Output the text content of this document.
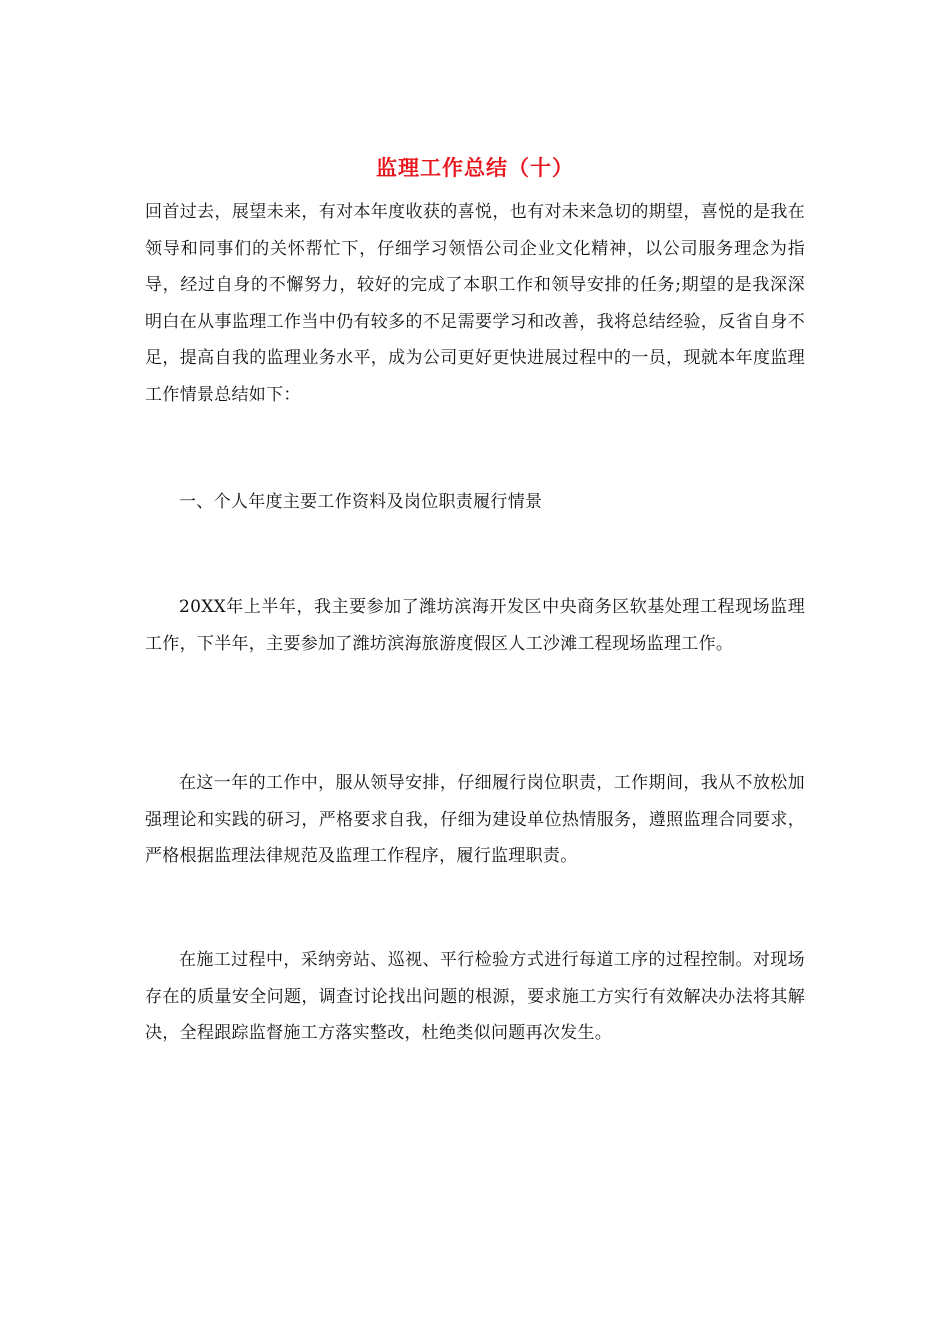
监理工作总结（十）

回首过去，展望未来，有对本年度收获的喜悦，也有对未来急切的期望，喜悦的是我在领导和同事们的关怀帮忙下，仔细学习领悟公司企业文化精神，以公司服务理念为指导，经过自身的不懈努力，较好的完成了本职工作和领导安排的任务;期望的是我深深明白在从事监理工作当中仍有较多的不足需要学习和改善，我将总结经验，反省自身不足，提高自我的监理业务水平，成为公司更好更快进展过程中的一员，现就本年度监理工作情景总结如下：

一、个人年度主要工作资料及岗位职责履行情景

20XX年上半年，我主要参加了潍坊滨海开发区中央商务区软基处理工程现场监理工作，下半年，主要参加了潍坊滨海旅游度假区人工沙滩工程现场监理工作。

在这一年的工作中，服从领导安排，仔细履行岗位职责，工作期间，我从不放松加强理论和实践的研习，严格要求自我，仔细为建设单位热情服务，遵照监理合同要求，严格根据监理法律规范及监理工作程序，履行监理职责。

在施工过程中，采纳旁站、巡视、平行检验方式进行每道工序的过程控制。对现场存在的质量安全问题，调查讨论找出问题的根源，要求施工方实行有效解决办法将其解决，全程跟踪监督施工方落实整改，杜绝类似问题再次发生。
